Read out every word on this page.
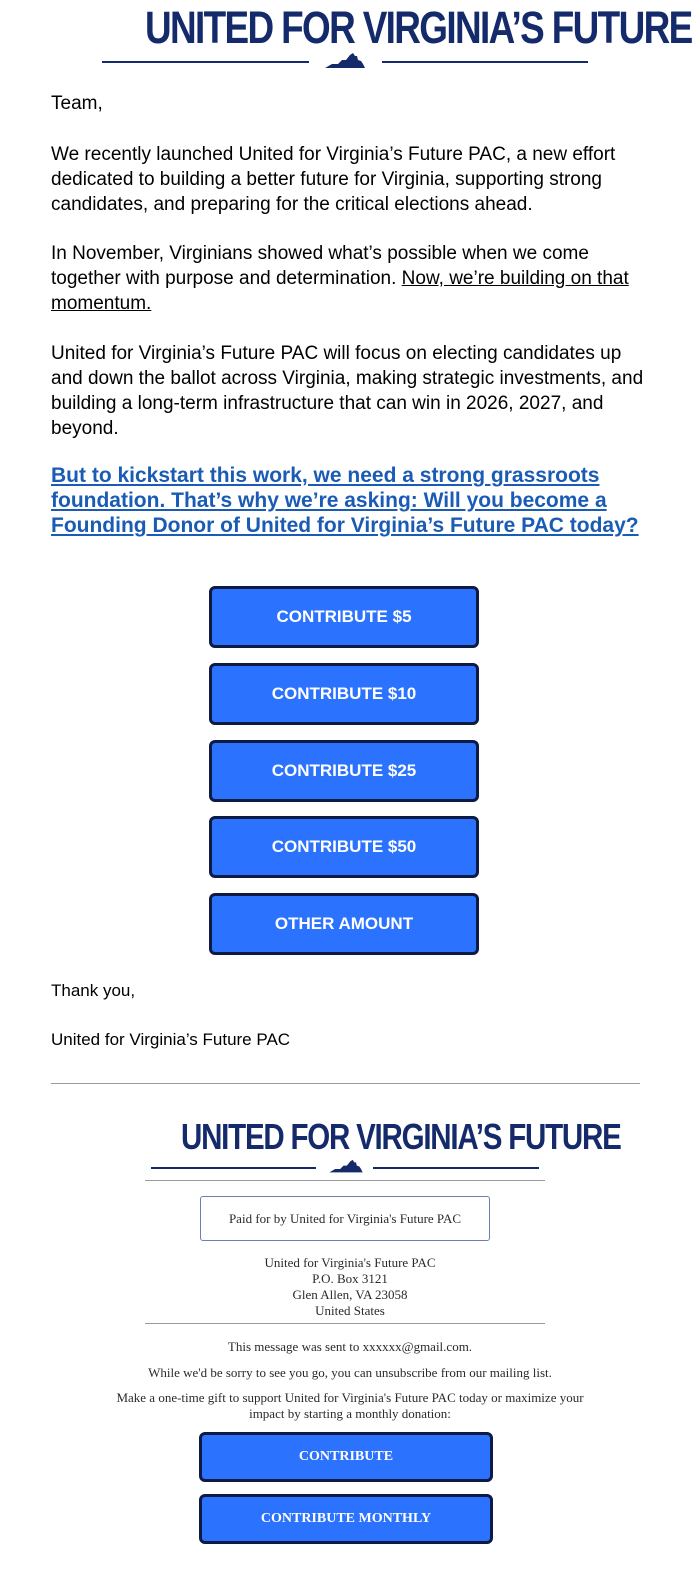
UNITED FOR VIRGINIA’S FUTURE

Team,

We recently launched United for Virginia’s Future PAC, a new effort dedicated to building a better future for Virginia, supporting strong candidates, and preparing for the critical elections ahead.

In November, Virginians showed what’s possible when we come together with purpose and determination. Now, we’re building on that momentum.

United for Virginia’s Future PAC will focus on electing candidates up and down the ballot across Virginia, making strategic investments, and building a long-term infrastructure that can win in 2026, 2027, and beyond.

But to kickstart this work, we need a strong grassroots foundation. That’s why we’re asking: Will you become a Founding Donor of United for Virginia’s Future PAC today?

CONTRIBUTE $5
CONTRIBUTE $10
CONTRIBUTE $25
CONTRIBUTE $50
OTHER AMOUNT

Thank you,

United for Virginia’s Future PAC

UNITED FOR VIRGINIA’S FUTURE
Paid for by United for Virginia's Future PAC

United for Virginia's Future PAC

P.O. Box 3121

Glen Allen, VA 23058

United States

This message was sent to xxxxxx@gmail.com.

While we'd be sorry to see you go, you can unsubscribe from our mailing list.

Make a one-time gift to support United for Virginia's Future PAC today or maximize your

impact by starting a monthly donation:

CONTRIBUTE
CONTRIBUTE MONTHLY
